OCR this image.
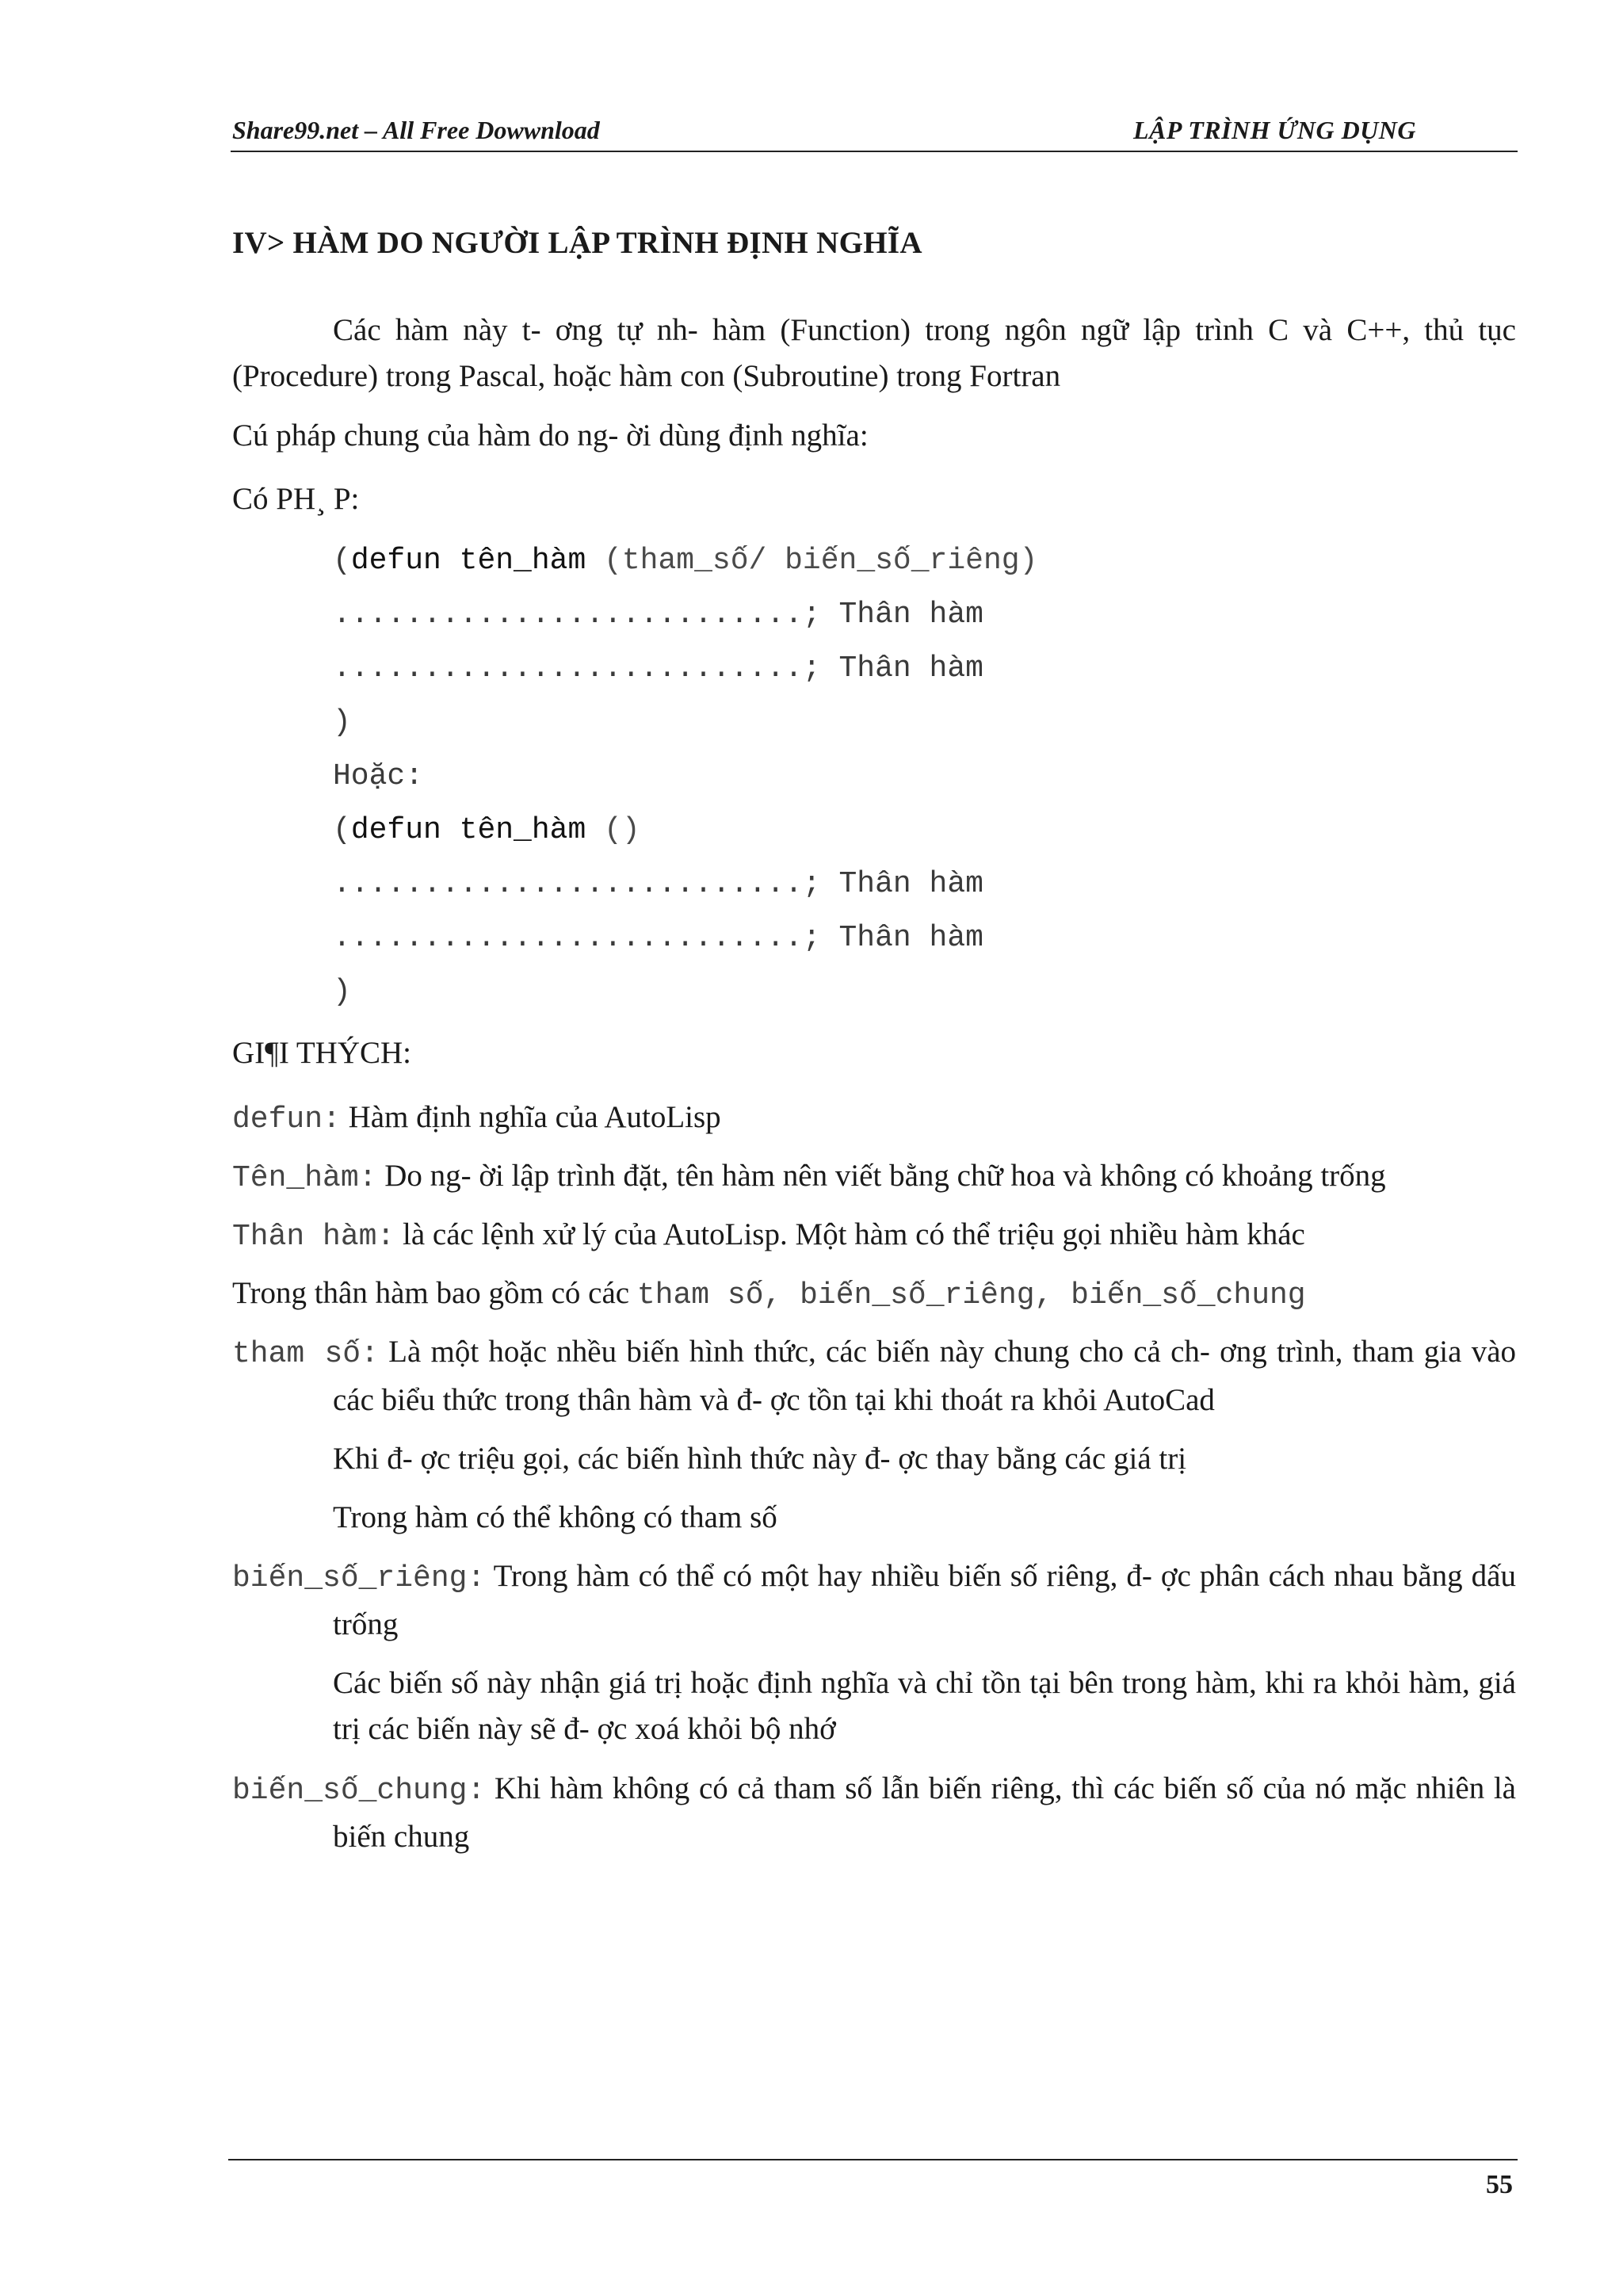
Share99.net – All Free Dowwnload	LẬP TRÌNH ỨNG DỤNG
IV> HÀM DO NGƯỜI LẬP TRÌNH ĐỊNH NGHĨA
Các hàm này t- ơng tự nh- hàm (Function) trong ngôn ngữ lập trình C và C++, thủ tục (Procedure) trong Pascal, hoặc hàm con (Subroutine) trong Fortran
Cú pháp chung của hàm do ng- ời dùng định nghĩa:
Có PH¸ P:
(defun tên_hàm (tham_số/ biến_số_riêng)
..........................; Thân hàm
..........................; Thân hàm
)
Hoặc:
(defun tên_hàm ()
..........................; Thân hàm
..........................; Thân hàm
)
GI¶I THÝCH:
defun: Hàm định nghĩa của AutoLisp
Tên_hàm: Do ng- ời lập trình đặt, tên hàm nên viết bằng chữ hoa và không có khoảng trống
Thân hàm: là các lệnh xử lý của AutoLisp. Một hàm có thể triệu gọi nhiều hàm khác
Trong thân hàm bao gồm có các tham số, biến_số_riêng, biến_số_chung
tham số: Là một hoặc nhều biến hình thức, các biến này chung cho cả ch- ơng trình, tham gia vào các biểu thức trong thân hàm và đ- ợc tồn tại khi thoát ra khỏi AutoCad
Khi đ- ợc triệu gọi, các biến hình thức này đ- ợc thay bằng các giá trị
Trong hàm có thể không có tham số
biến_số_riêng: Trong hàm có thể có một hay nhiều biến số riêng, đ- ợc phân cách nhau bằng dấu trống
Các biến số này nhận giá trị hoặc định nghĩa và chỉ tồn tại bên trong hàm, khi ra khỏi hàm, giá trị các biến này sẽ đ- ợc xoá khỏi bộ nhớ
biến_số_chung: Khi hàm không có cả tham số lẫn biến riêng, thì các biến số của nó mặc nhiên là biến chung
55
